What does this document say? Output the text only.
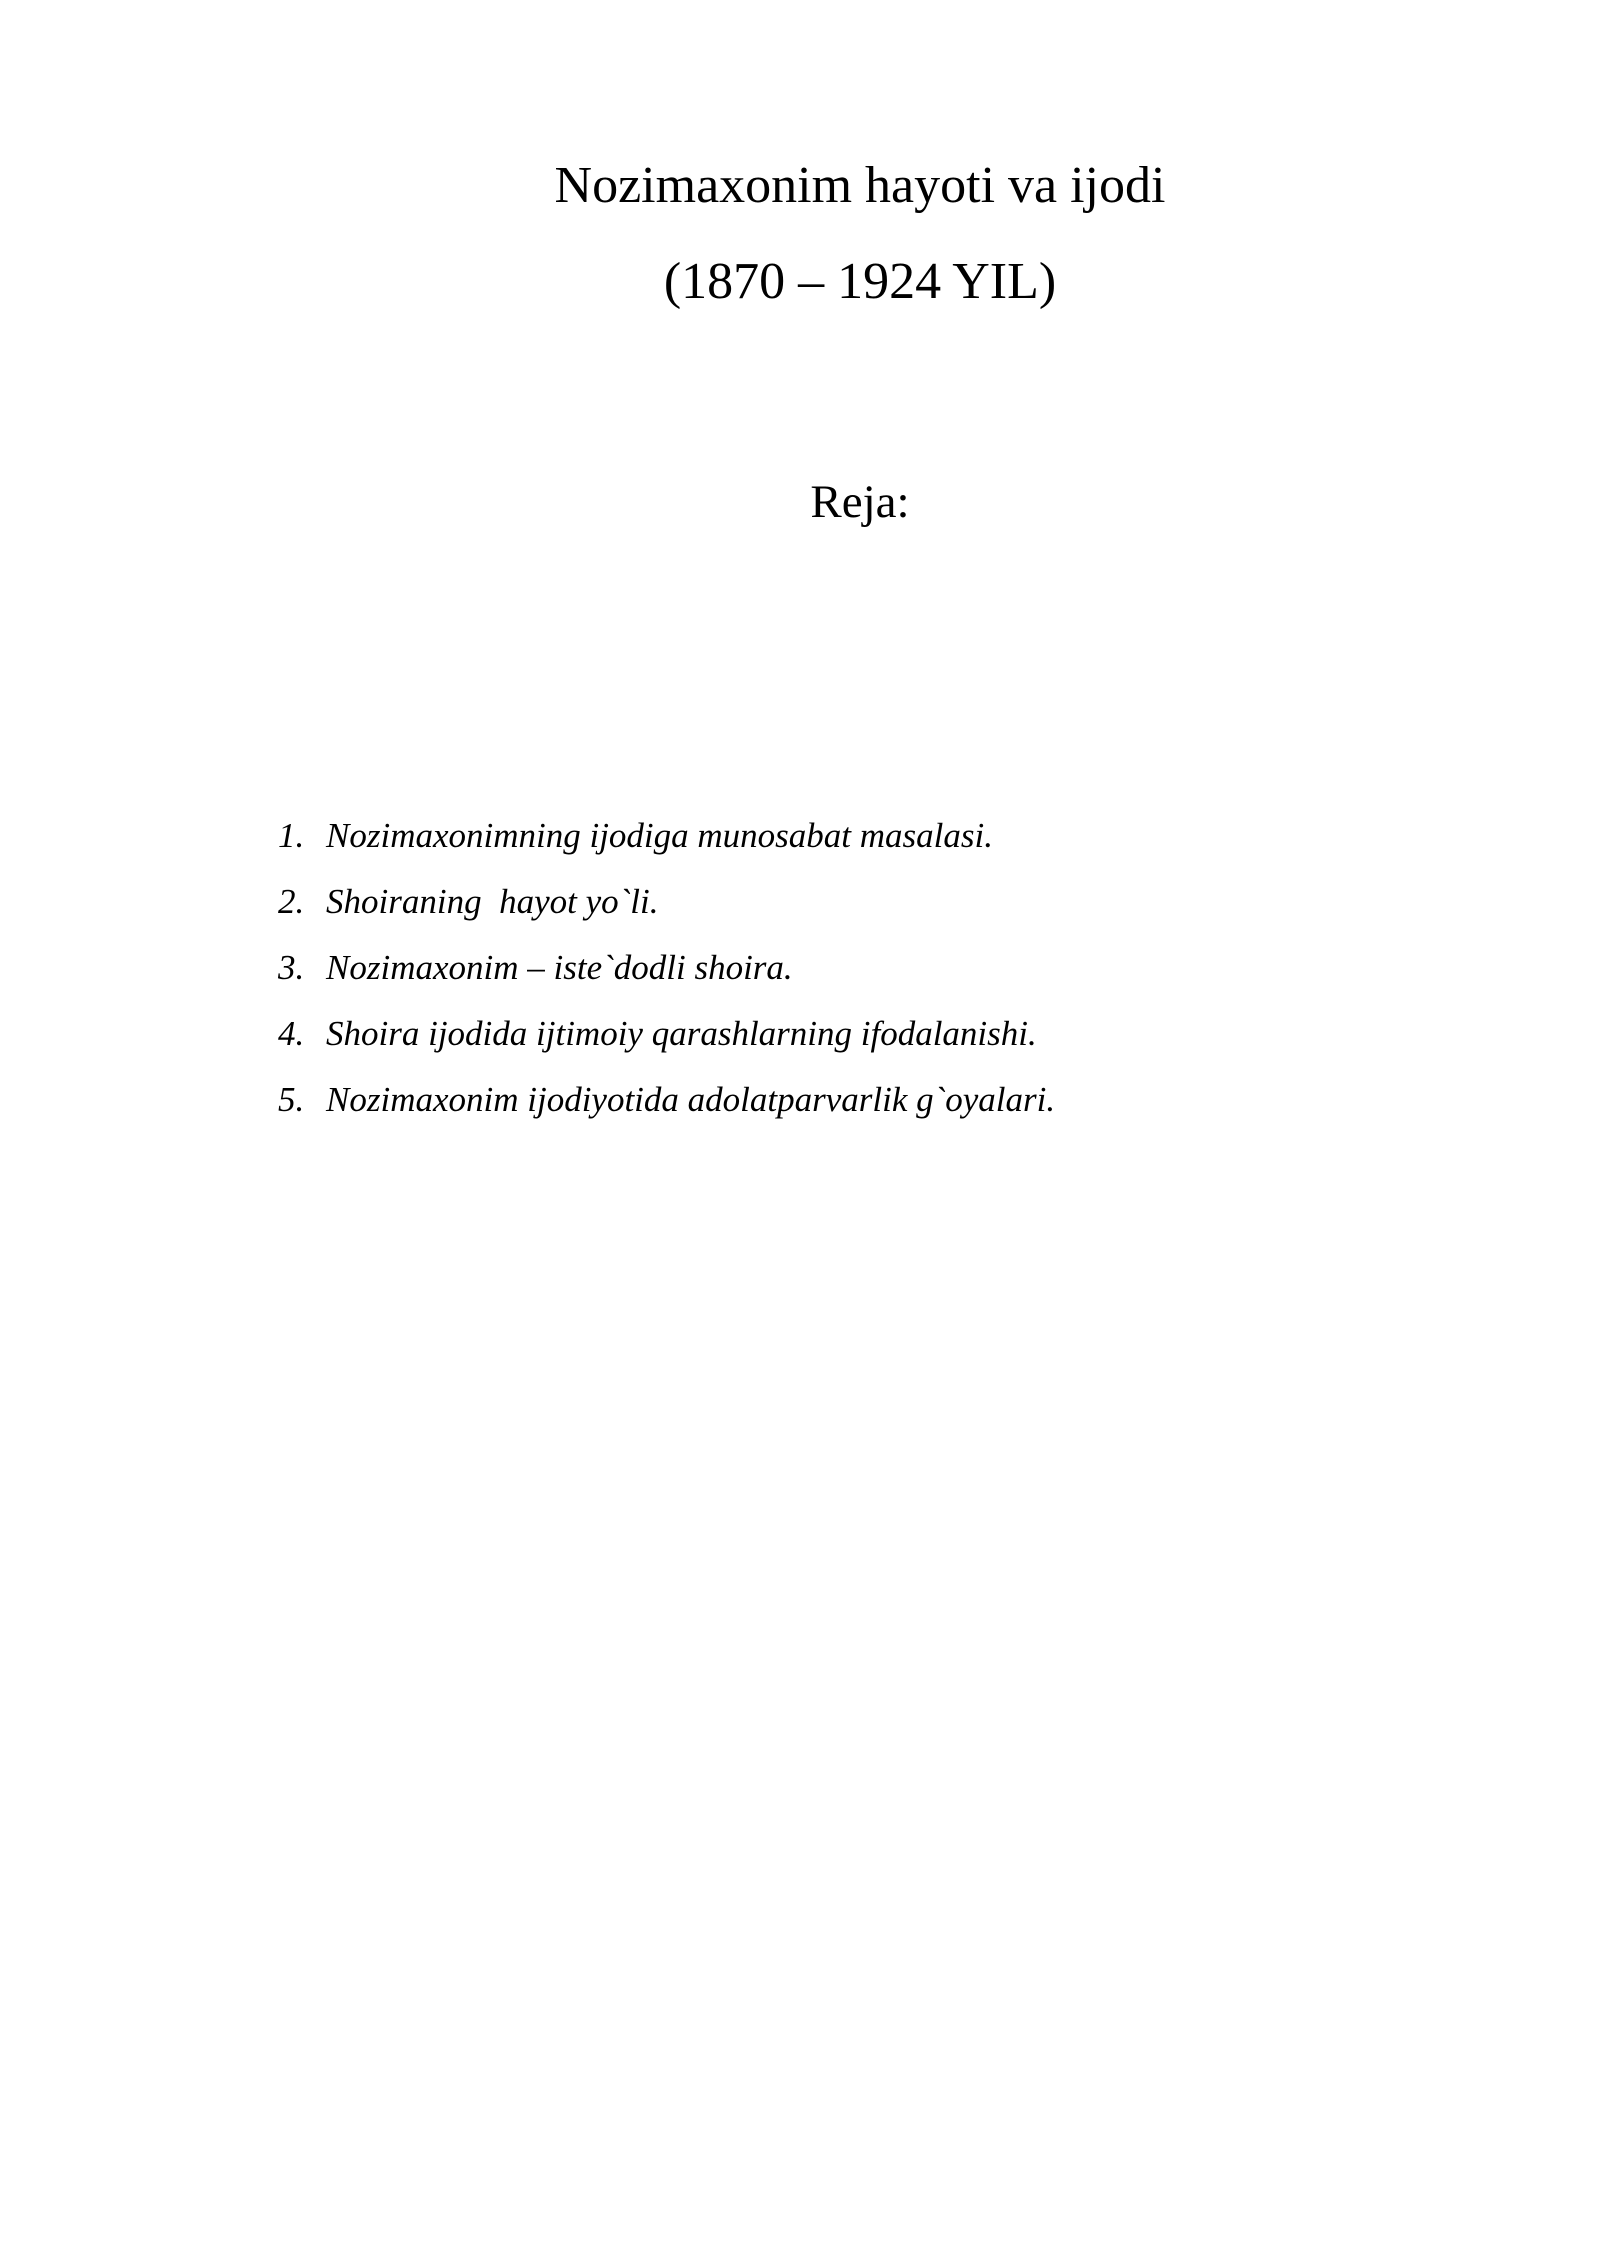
Nozimaxonim hayoti va ijodi
(1870 – 1924 YIL)
Reja:
1. Nozimaxonimning ijodiga munosabat masalasi.
2. Shoiraning  hayot yo`li.
3. Nozimaxonim – iste`dodli shoira.
4. Shoira ijodida ijtimoiy qarashlarning ifodalanishi.
5. Nozimaxonim ijodiyotida adolatparvarlik g`oyalari.
